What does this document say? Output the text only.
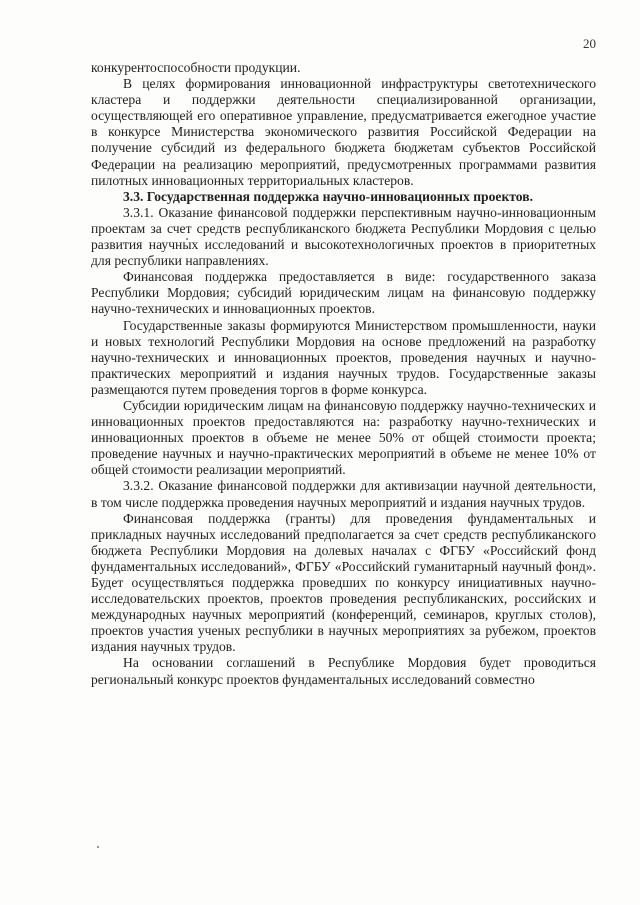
20

конкурентоспособности продукции.

В целях формирования инновационной инфраструктуры светотехнического кластера и поддержки деятельности специализированной организации, осуществляющей его оперативное управление, предусматривается ежегодное участие в конкурсе Министерства экономического развития Российской Федерации на получение субсидий из федерального бюджета бюджетам субъектов Российской Федерации на реализацию мероприятий, предусмотренных программами развития пилотных инновационных территориальных кластеров.

3.3. Государственная поддержка научно-инновационных проектов.

3.3.1. Оказание финансовой поддержки перспективным научно-инновационным проектам за счет средств республиканского бюджета Республики Мордовия с целью развития научных исследований и высокотехнологичных проектов в приоритетных для республики направлениях.

Финансовая поддержка предоставляется в виде: государственного заказа Республики Мордовия; субсидий юридическим лицам на финансовую поддержку научно-технических и инновационных проектов.

Государственные заказы формируются Министерством промышленности, науки и новых технологий Республики Мордовия на основе предложений на разработку научно-технических и инновационных проектов, проведения научных и научно-практических мероприятий и издания научных трудов. Государственные заказы размещаются путем проведения торгов в форме конкурса.

Субсидии юридическим лицам на финансовую поддержку научно-технических и инновационных проектов предоставляются на: разработку научно-технических и инновационных проектов в объеме не менее 50% от общей стоимости проекта; проведение научных и научно-практических мероприятий в объеме не менее 10% от общей стоимости реализации мероприятий.

3.3.2. Оказание финансовой поддержки для активизации научной деятельности, в том числе поддержка проведения научных мероприятий и издания научных трудов.

Финансовая поддержка (гранты) для проведения фундаментальных и прикладных научных исследований предполагается за счет средств республиканского бюджета Республики Мордовия на долевых началах с ФГБУ «Российский фонд фундаментальных исследований», ФГБУ «Российский гуманитарный научный фонд». Будет осуществляться поддержка проведших по конкурсу инициативных научно-исследовательских проектов, проектов проведения республиканских, российских и международных научных мероприятий (конференций, семинаров, круглых столов), проектов участия ученых республики в научных мероприятиях за рубежом, проектов издания научных трудов.

На основании соглашений в Республике Мордовия будет проводиться региональный конкурс проектов фундаментальных исследований совместно
